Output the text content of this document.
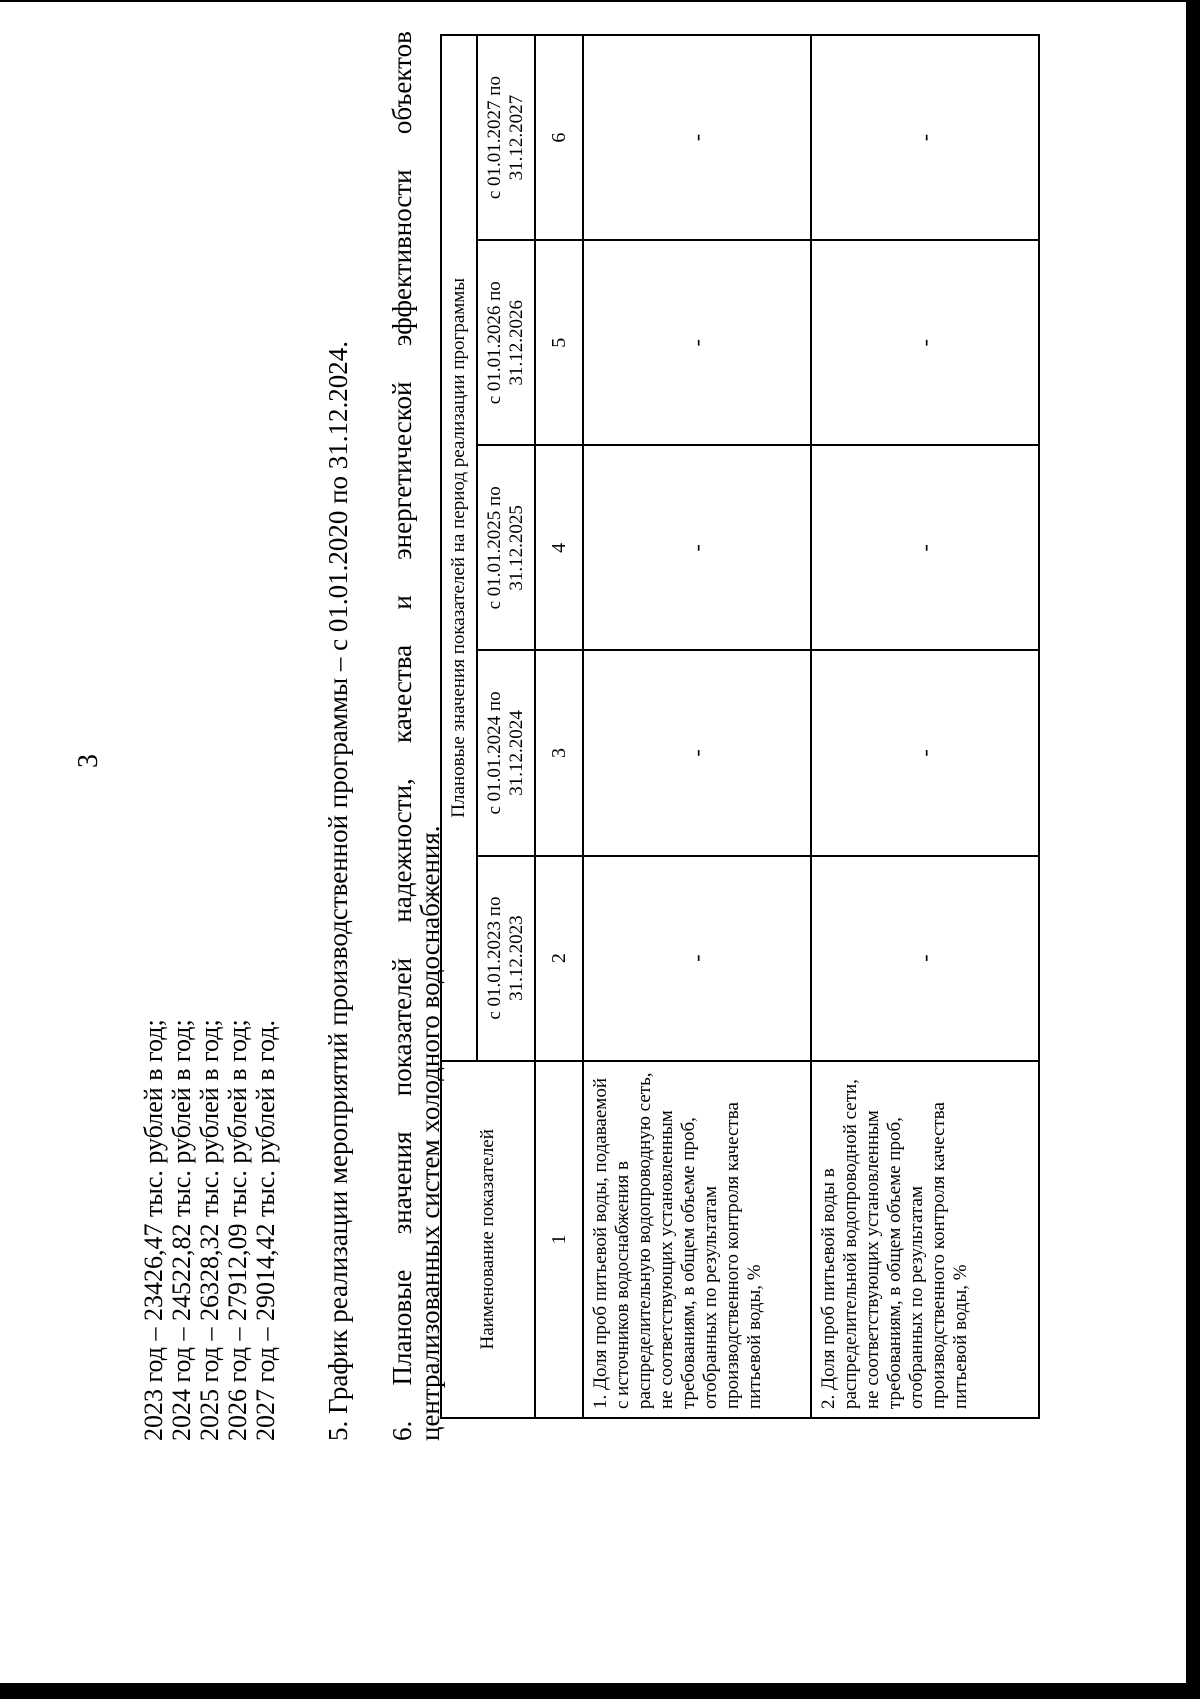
3
2023 год – 23426,47 тыс. рублей в год; 2024 год – 24522,82 тыс. рублей в год; 2025 год – 26328,32 тыс. рублей в год; 2026 год – 27912,09 тыс. рублей в год; 2027 год – 29014,42 тыс. рублей в год. 5. График реализации мероприятий производственной программы – с 01.01.2020 по 31.12.2024. 6.
Плановые
значения
показателей
надежности,
качества
и
энергетической
эффективности
объектов
централизованных систем холодного водоснабжения. Наименование показателей	Плановые значения показателей на период реализации программы				
	с 01.01.2023 по 31.12.2023	с 01.01.2024 по 31.12.2024	с 01.01.2025 по 31.12.2025	с 01.01.2026 по 31.12.2026	с 01.01.2027 по 31.12.2027
1	2	3	4	5	6
1. Доля проб питьевой воды, подаваемой с источников водоснабжения в распределительную водопроводную сеть, не соответствующих установленным требованиям, в общем объеме проб, отобранных по результатам производственного контроля качества питьевой воды, %	-	-	-	-	-
2. Доля проб питьевой воды в распределительной водопроводной сети, не соответствующих установленным требованиям, в общем объеме проб, отобранных по результатам производственного контроля качества питьевой воды, %	-	-	-	-	-
